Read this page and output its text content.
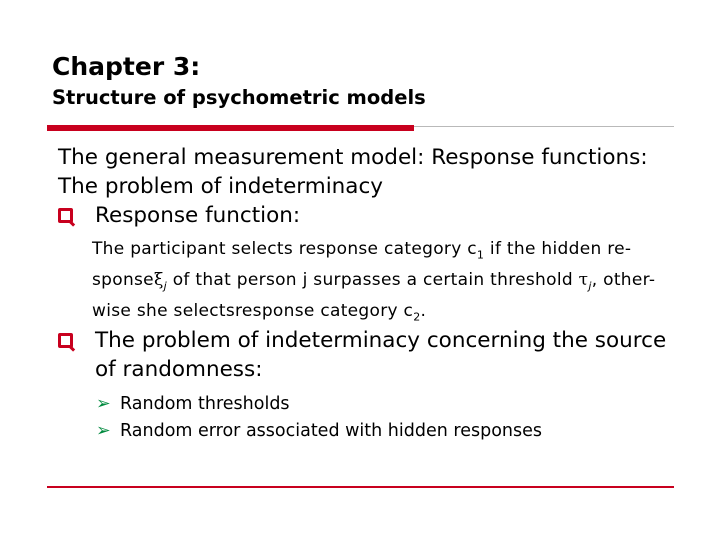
Chapter 3:
Structure of psychometric models

The general measurement model: Response functions: The problem of indeterminacy

Response function:
The participant selects response category $c_1$ if the hidden re-sponseξ$_j$ of that person j surpasses a certain threshold $\tau_j$, other-wise she selectsresponse category $c_2$.
The problem of indeterminacy concerning the source of randomness:
➢ Random thresholds
➢ Random error associated with hidden responses
